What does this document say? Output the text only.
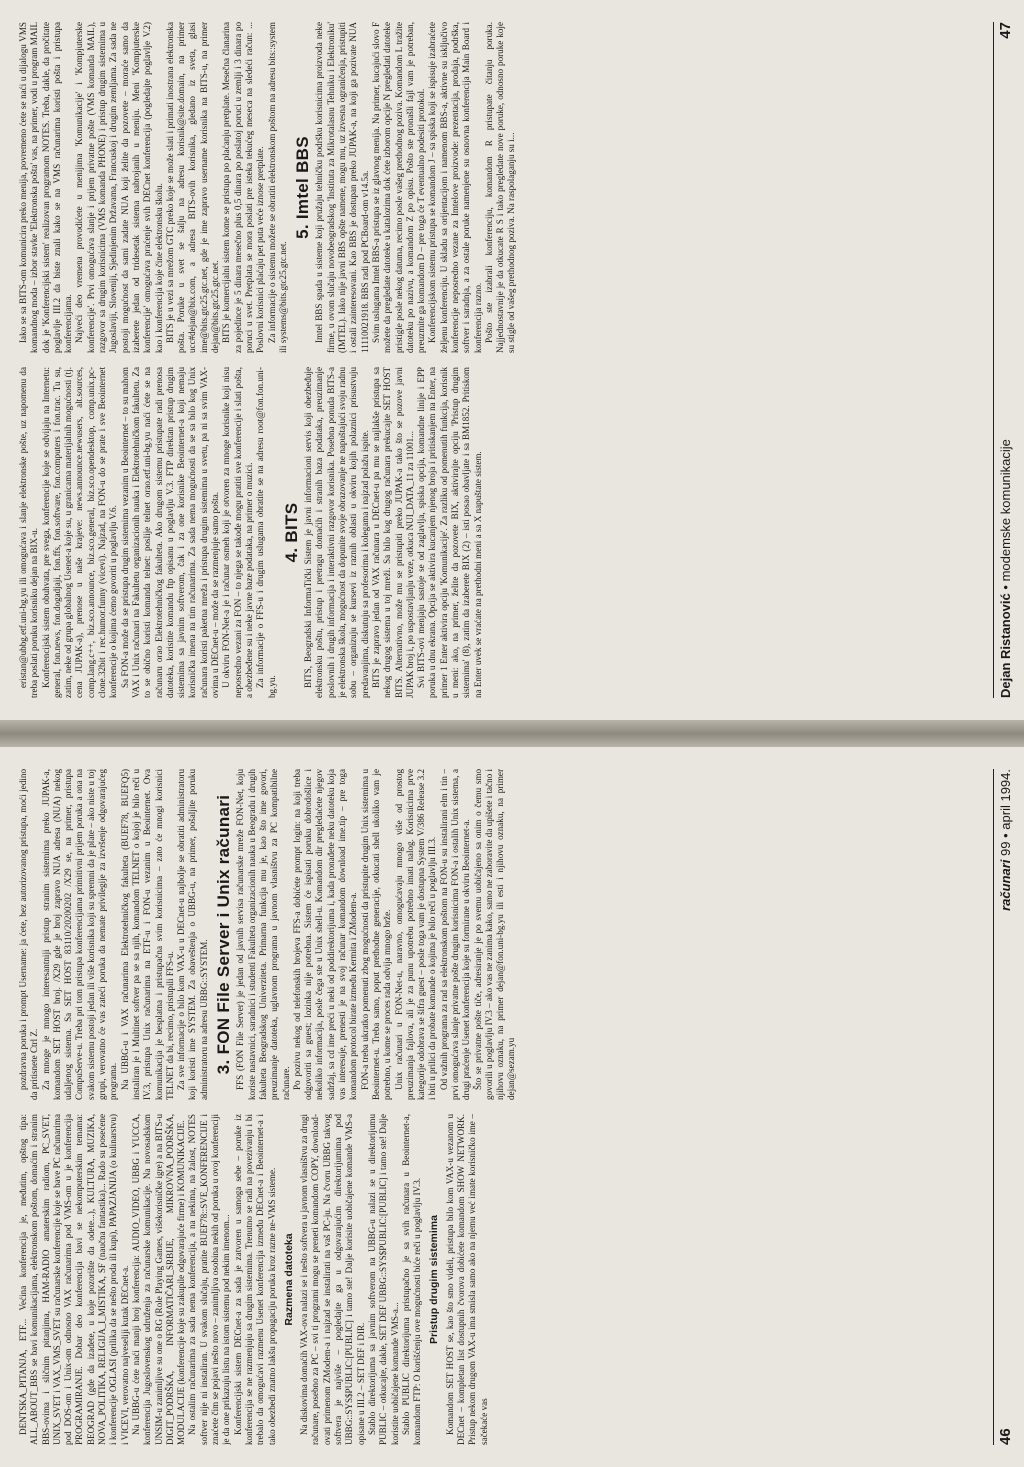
eristan@ubbg.etf.uni-bg.yu ili omogućava i slanje elektronske pošte, uz napomenu da treba poslati poruku korisniku dejan na BIX-u. Konferencijski sistem obuhvata, pre svega, konferencije koje se odvijaju na Internetu: general, fon.news, fon.dogadjaji, fon.ffs, fon.software, fon.computers i fon.trac. Tu su, zatim, neke od grupa globalnog Usenet-a koje su, u granicama materijalnih mogućnosti (tj. cena JUPAK-a), prenose u naše krajeve: news.announce.newusers, alt.sources, comp.lang.c++, biz.sco.announce, biz.sco.general, biz.sco.opendesktop, comp.unix.pc-clone.32bit i rec.humor.funny (vicevi). Najzad, na FON-u do se prate i sve Beointernet konferencije o kojima ćemo govoriti u poglavlju V.6. Sa FON-a može da se pristupa drugim sistemima vezanim u Beointernet – to su mahom VAX i Unix računari na Fakultetu organizacionih nauka i Elektrotehničkom fakultetu. Za to se obično koristi komanda telnet: poslije telnet orao.etf.uni-bg.yu naći ćete se na računaru orao Elektrotehničkog fakulteta. Ako drugom sistemu pristupate radi prenosa datoteka, koristite komandu ftp opisanu u poglavlju V.3. FTP direktan pristup drugim sistemima sa javnim softverom, čak i za one korisnike Beointernet-a koji nemaju korisnička imena na tim računarima. Za sada nema mogućnosti da se sa bilo kog Unix računara koristi paketna mreža i pristupa drugim sistemima u svetu, pa ni sa svim VAX-ovima u DECnet-u – može da se razmenjuje samo pošta. U okviru FON-Net-a je i računar osmeh koji je otvoren za mnoge korisnike koji nisu neposredno vezani za FON – to njega se takođe mogu pratiti sve konferencije i slati pošta, a obezbeđene su i neke javne baze podataka, na primer o muzici. Za informacije o FFS-u i drugim uslugama obratite se na adresu root@fon.fon.uni-bg.yu.

4. BITS BITS, Beogradski InformaTički Sistem je javni informacioni servis koji obezbeđuje elektronsku poštu, pristup i pretragu domaćih i stranih baza podataka, preuzimanje poslovnih i drugih informacija i interaktivni razgovor korisnika. Posebna ponuda BITS-a je elektronska škola, mogućnost da dopunite svoje obrazovanje ne napuštajući svoju radnu sobu – organizuju se kursevi iz raznih oblasti u okviru kojih polaznici prisustvuju predavanjima, diskutuju sa profesorima i kolegama i najzad polažu ispite. BITS je zapravo jedan od VAX računara u DECnet-u pa mu se najlakše pristupa sa nekog drugog sistema u toj mreži. Sa bilo kog drugog računara prekucajte SET HOST BITS. Alternativno, može mu se pristupiti preko JUPAK-a tako što se pozove javni JUPAK broj i, po uspostavljanju veze, otkuca NUI_DATA_11 za 11001... Svi BITS-ovi menjaju sastoje se od zaglavlja, spiska opcija, komandne linije i EPP poruka u dnu ekrana. Opcija se aktivira kucanjem njenog broja i pritiskanjem na Enter, na primer 1 Enter aktivira opciju 'Komunikacije'. Za razliku od pomenutih funkcija, korisnik u meni: ako, na primer, želite da pozovete BIX, aktivirajte opciju 'Pristup drugim sistemima' (8), zatim da izaberete BIX (2) – isti posao obavljate i sa BM1852. Pritiskom na Enter uvek se vraćate na prethodni meni a sa X napuštate sistem.

Iako se sa BITS-om komunicira preko menija, povremeno ćete se naći u dijalogu VMS komandnog moda – izbor stavke 'Elektronska pošta' vas, na primer, vodi u program MAIL dok je 'Konferencijski sistem' realizovan programom NOTES. Treba, dakle, da pročitate poglavlje III.2 da biste znali kako se na VMS računarima koristi pošta i pristupa konferencijama. Najveći deo vremena provodićete u menijima 'Komunikacije' i 'Kompjuterske konferencije'. Prvi omogućava slanje i prijem privatne pošte (VMS komanda MAIL), razgovor sa drugim korisnicima (VMS komanda PHONE) i pristup drugim sistemima u Jugoslaviji, Sloveniji, Sjedinjenim Državama, Francuskoj i drugim zemljama. Za sada ne postoji mogućnost da sami zadate NUA koji želite da pozovete – moraće samo da izaberete jedan od tridesetak sistema nabrojanih u meniju. Meni 'Kompjuterske konferencije' omogućava praćenje svih DECnet konferencija (pogledajte poglavlje V.2) kao i konferencija koje čine elektronsku školu. BITS je u vezi sa mrežom GTC preko koje se može slati i primati inostrana elektronska pošta. Poruke u svet se šalju na adresu korisnik@site.domain, na primer ucc#dejan@bix.com, a adresa BITS-ovih korisnika, gledano iz sveta, glasi ime@bits.gtc25.gtc.net, gde je ime zapravo username korisnika na BITS-u, na primer dejan@bits.gtc25.gtc.net. BITS je komercijalni sistem kome se pristupa po plaćanju pretplate. Mesečna članarina za pojedince je 5 dinara mesečno plus 0,5 dinara po poslatoj poruci u zemlji i 3 dinara po poruci u svet. Pretplata se mora poslati pre isteka tekućeg meseca na sledeći račun: ... Poslovni korisnici plaćaju pet puta veće iznose pretplate. Za informacije o sistemu možete se obratiti elektronskom poštom na adresu bits::system ili systems@bits.gtc25.gtc.net.

5. Imtel BBS Imtel BBS spada u sisteme koji pružaju tehničku podršku korisnicima proizvoda neke firme, u ovom slučaju novobeogradskog 'Instituta za Mikrotalasnu Tehniku i Elektroniku' (IMTEL). Iako nije javni BBS opšte namene, mogu mu, uz izvesna ograničenja, pristupiti i ostali zainteresovani. Kao BBS je dostupan preko JUPAK-a, na koji ga pozivate NUA 11110021918. BBS radi pod PCBoard-om v14.5a. Svim uslugama Imtel BBS-a pristupa se iz glavnog menija. Na primer, kucajući slovo F možete da pregledate datoteke u katalozima dok ćete izborom opcije N pregledati datoteke pristigle posle nekog datuma, recimo posle vašeg prethodnog poziva. Komandom L tražite datoteku po nazivu, a komandom Z po opisu. Pošto ste pronašli fajl vam je potreban, preuzmite ga komandom D – pre toga će T eventualno podesiti protokol. Konferencijskom sistemu pristupa se komandom J – sa spiska koji se ispisuje izabraćete željenu konferenciju. U skladu sa orijentacijom i namenom BBS-a, aktivne su isključivo konferencije neposredno vezane za Imtelove proizvode: prezentacija, prodaja, podrška, softver i saradnja, a za ostale poruke namenjene su osnovna konferencija Main Board i konferencija razno. Pošto ste izabrali konferenciju, komandom R pristupate čitanju poruka. Najjednostavnije je da otkucate R S i tako pregledate nove poruke, odnosno poruke koje su stigle od vašeg prethodnog poziva. Na raspolaganju su i...

Dejan Ristanović • modemske komunikacije
47

DENTSKA_PITANJA, ETF... Većina konferencija je, međutim, opštog tipa: ALL_ABOUT_BBS se bavi komunikacijama, elektronskom poštom, domaćim i stranim BBS-ovima i sličnim pitanjima, HAM-RADIO amaterskim radiom, PC_SVET, UNIX_SVET i VAX_VMS_SVET su računarske konferencije koje se bave PC računarima pod DOS-om i Unix-om odnosno VAX računarima pod VMS-om u je konferencija PROGRAMIRANJE. Dobar deo konferencija bavi se nekomputerskim temama: BEOGRAD (gde da izađete, u koje pozorište da odete...), KULTURA, MUZIKA, NOVA_POLITIKA, RELIGIJA_I_MISTIKA, SF (naučna fantastika)... Rado su posećene i konferencije OGLASI (prilika da se nešto proda ili kupi), PAPAZJANIJA (o kulinarstvu) i VICEVI, verovatno najveseliji kutak DECnet-a. Na UBBG-u ćete naći manji broj konferencija: AUDIO_VIDEO, UBBG i YUCCA, konferencija Jugoslovenskog udruženja za računarske komunikacije. Na novosadskom UNSIM-u zanimljive su one o RG (Role Playing Games, višekorisničke igre) a na BITS-u DIGIT_PODRŠKA, INFORMATIČARI_SRBIJE, MIKROVNA_PODRŠKA, MODULACIJE (konferencije koje su zakupile odgovarajuće firme) i KOMUNIKACIJE. Na ostalim računarima za sada nema konferencija, a na nekima, na žalost, NOTES softver nije ni instaliran. U svakom slučaju, pratite BUEF78::SVE_KONFERENCIJE i znaćete čim se pojavi nešto novo – zanimljiva osobina nekih od poruka u ovoj konferenciji je da one prikazuju listu na istom sistemu pod nekim imenom... Konferencijski sistem DECnet-a za sada je zatvoren u samoga sebe – poruke iz konferencija se ne razmenjuju sa drugim sistemima. Trenutno se radi na povezivanju i bi trebalo da omogućavi razmenu Usenet konferencija između DECnet-a i Beointernet-a i tako obezbedi znatno lakšu propagaciju poruka kroz razne ne-VMS sisteme. Razmena datoteka Na diskovima domaćih VAX-ova nalazi se i nešto softvera u javnom vlasništvu za drugi računare, posebno za PC – svi ti programi mogu se preneti komandom COPY, download-ovati primenom ZModem-a i najzad se instalirati na vaš PC-ju. Na čvoru UBBG takvog softvera je najviše – pogledajte ga u odgovarajućim direktorijumima pod UBBG::SYS$PUBLIC:[PUBLIC] i tamo ste! Dalje korisite uobičajene komande VMS-a opisane u III.2 – SET DEF i DIR. Stablo direktorijuma sa javnim softverom na UBBG-u nalazi se u direktorijumu PUBLIC – otkucajte, dakle, SET DEF UBBG::SYS$PUBLIC:[PUBLIC] i tamo ste! Dalje koristite uobičajene komande VMS-a... Stablo PUBLIC direktorijuma pristupačno je sa svih računara u Beointernet-a, komandom FTP: O korišćenju ove mogućnosti biće reči u poglavlju IV.3. Pristup drugim sistemima Komandom SET HOST se, kao što smo videli, pristupa bilo kom VAX-u vezanom u DECnet – kompletan list dostupnih čvorova dobićete komandom SHOW NETWORK. Pristup nekom drugom VAX-u ima smisla samo ako na njemu već imate korisničko ime – sačekaće vas

pozdravna poruka i prompt Username: ja ćete, bez autorizovanog pristupa, moći jedino da pritisnete Ctrl Z. Za mnoge je mnogo interesantniji pristup stranim sistemima preko JUPAK-a, komandom SET HOST broj. /X29 gde je broj zapravo NUA adresa (NUA) nekog udaljenog sistema. Sa SET HOST 83110/20200202 /X29 se, na primer, pristupa CompuServe-u. Treba pri tom pristupa konferencijama primitivni prijem poruka a ona na svakom sistemu postoji jedan ili više korisnika koji su spremni da je plate – ako niste u toj grupi, verovatno će vas zateći poruka da nemate privilegije za izvršenje odgovarajućeg programa. Na UBBG-u i VAX računarima Elektrotehničkog fakulteta (BUEF78, BUEFQ5) instaliran je i Multinet softver pa se sa njih, komandom TELNET o kojoj je bilo reči u IV.3, pristupa Unix računarima na ETF-u i FON-u vezanim u Beointernet. Ova komunikacija je besplatna i pristupačna svim korisnicima – zato će mnogi korisnici TELNET da bi, recimo, pristupili FFS-u. Za sve informacije o bilo kom VAX-u u DECnet-u najbolje se obratiti administratoru koji koristi ime SYSTEM. Za obaveštenja o UBBG-u, na primer, pošaljite poruku administratoru na adresu UBBG::SYSTEM. 3. FON File Server i Unix računari FFS (FON File Server) je jedan od javnih servisa računarske mreže FON-Net, koju koriste nastavnici, saradnici i studenti Fakulteta organizacionih nauka u Beogradu i drugih fakulteta Beogradskog Univerziteta. Primarna funkcija mu je, kao što ime govori, preuzimanje datoteka, uglavnom programa u javnom vlasništvu za PC kompatibilne računare. Po pozivu nekog od telefonskih brojeva FFS-a dobićete prompt login: na koji treba odgovoriti sa guest; lozinka nije potrebna. Sistem će ispisati poruku dobrodošlice i nekoliko informacija, posle čega ste u Unix shell-u. Komandom dir pregledaćete njegov sadržaj, sa cd ime preći u neki od poddirektorijuma i, kada pronađete neku datoteku koja vas interesuje, prenesti je na svoj računar komandom download ime.tip – pre toga komandom protocol birate između Kermita i ZModem-a. FON-a treba ukratko pomenuti zbog mogućnosti da pristupite drugim Unix sistemima u Beointernet-u. Treba samo, poput prethodne generacije, otkucati shell ukoliko vam je potrebno, u kome se proces rada odvija mnogo brže. Unix računari u FON-Net-u, naravno, omogućavaju mnogo više od prostog preuzimanja fajlova, ali je za punu upotrebu potrebno imati nalog. Korisnicima prve kategorije odobrava se šifra guest – posle toga vam je dostupna System V/386 Release 3.2 i biti u prilici da probate komande o kojima je bilo reči u poglavlju III.3. Od važnih programa za rad sa elektronskom poštom na FON-u su instalirani elm i tin – prvi omogućava slanje privatne pošte drugim korisnicima FON-a i ostalih Unix sistema, a drugi praćenje Usenet konferencija koje su formirane u okviru Beointernet-a. Što se privatne pošte tiče, adresiranje je po svemu uobičajeno sa onim o čemu smo govorili u poglavlju IV.3 – ako vas ne zanima kako, samo ne zaboravite da upišete i tačno i njihovu oznaku, na primer dejan@fon.uni-bg.yu ili esti i njihovu oznaku, na primer dejan@sezam.yu

46
računari 99 • april 1994.
